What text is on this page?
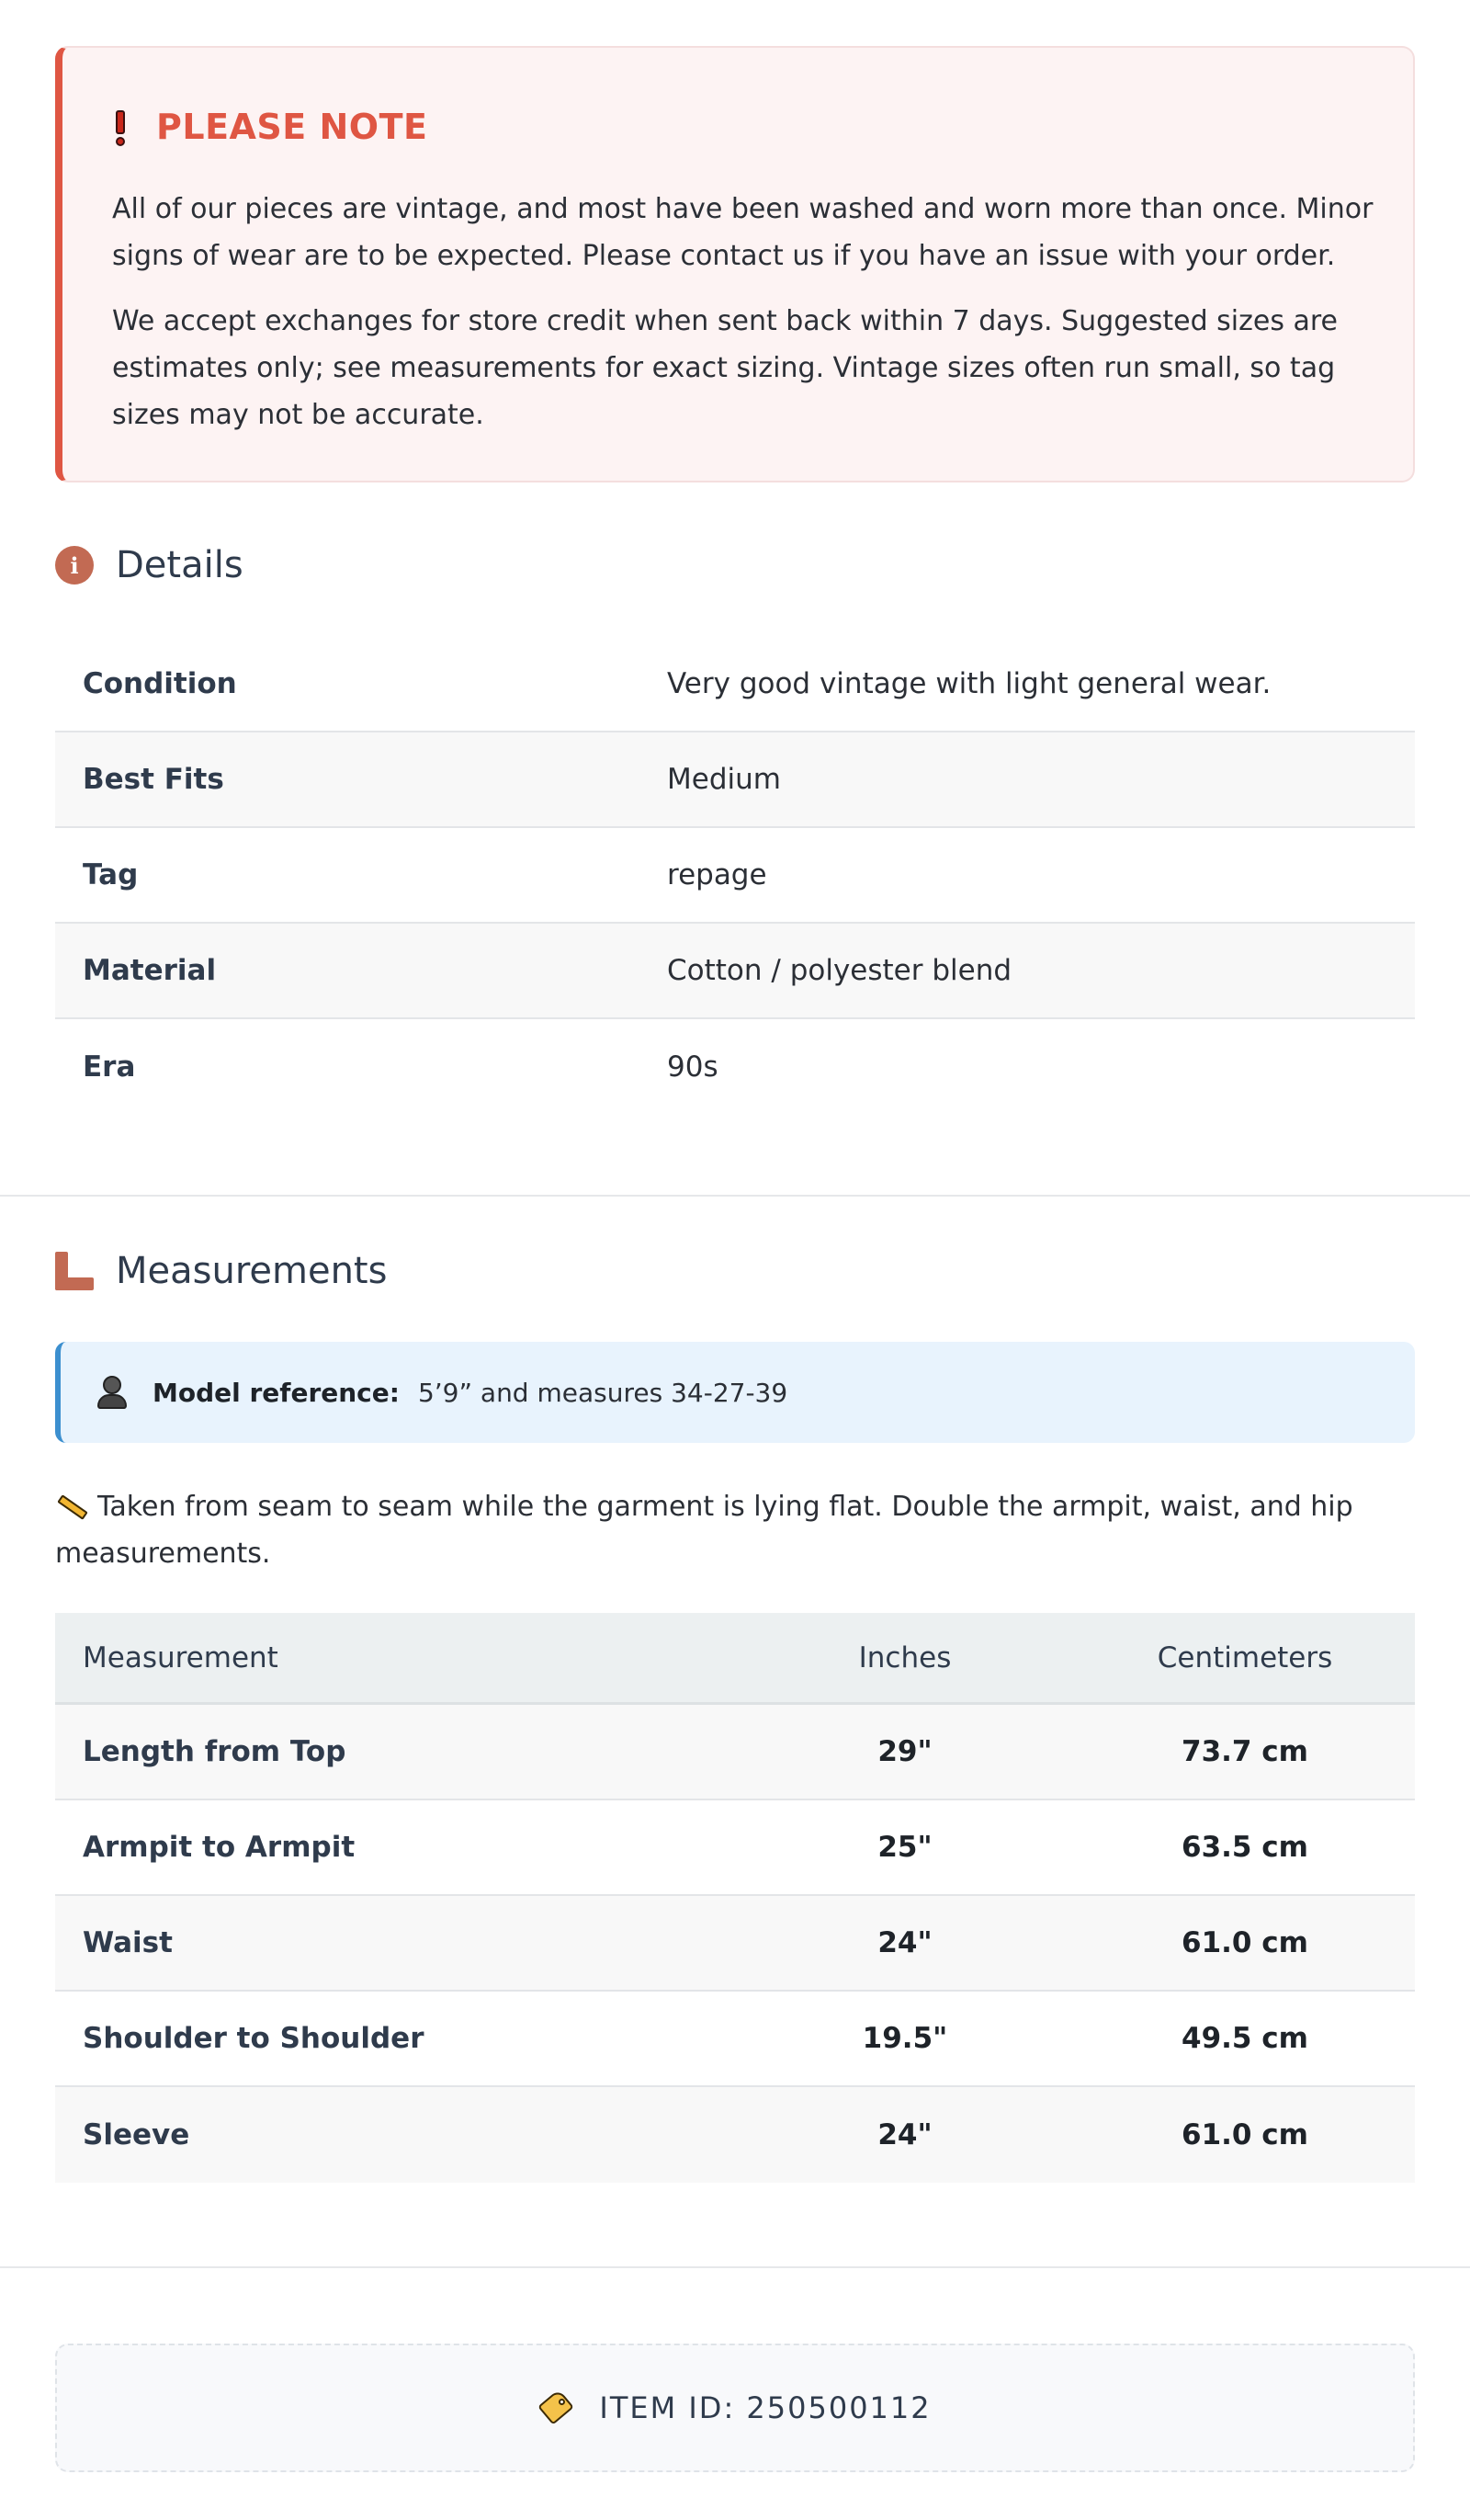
PLEASE NOTE

All of our pieces are vintage, and most have been washed and worn more than once. Minor signs of wear are to be expected. Please contact us if you have an issue with your order.

We accept exchanges for store credit when sent back within 7 days. Suggested sizes are estimates only; see measurements for exact sizing. Vintage sizes often run small, so tag sizes may not be accurate.

i	Details
Condition	Very good vintage with light general wear.
Best Fits	Medium
Tag	repage
Material	Cotton / polyester blend
Era	90s
Measurements
Model reference: 5’9” and measures 34-27-39
Taken from seam to seam while the garment is lying flat. Double the armpit, waist, and hip measurements.
Measurement	Inches	Centimeters
Length from Top	29"	73.7 cm
Armpit to Armpit	25"	63.5 cm
Waist	24"	61.0 cm
Shoulder to Shoulder	19.5"	49.5 cm
Sleeve	24"	61.0 cm
ITEM ID: 250500112
